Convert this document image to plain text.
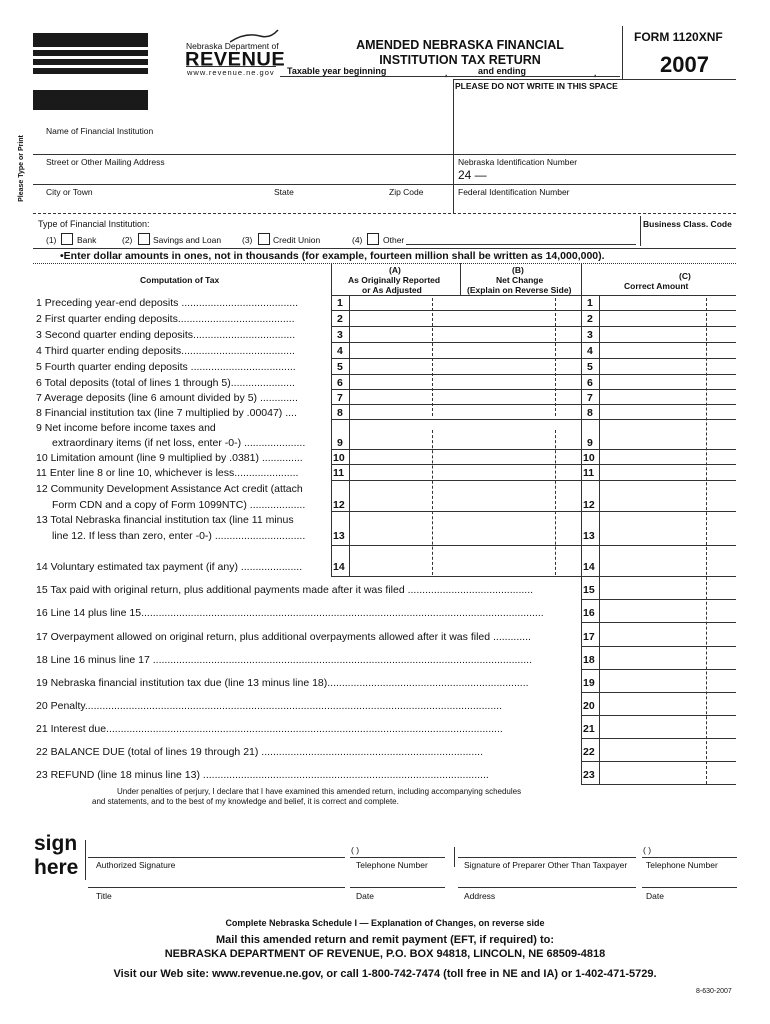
Nebraska Department of
REVENUE
www.revenue.ne.gov
AMENDED NEBRASKA FINANCIAL
INSTITUTION TAX RETURN
Taxable year beginning	,	and ending	,
FORM 1120XNF
2007
PLEASE DO NOT WRITE IN THIS SPACE
Please Type or Print
Name of Financial Institution
Street or Other Mailing Address	Nebraska Identification Number
24 —
City or Town	State	Zip Code	Federal Identification Number
Type of Financial Institution:	Business Class. Code
(1) Bank	(2) Savings and Loan (3) Credit Union	(4) Other
•Enter dollar amounts in ones, not in thousands (for example, fourteen million shall be written as 14,000,000).
Computation of Tax
(A)
As Originally Reported
or As Adjusted
(B)
Net Change
(Explain on Reverse Side)
(C)
Correct Amount
1 Preceding year-end deposits ........................................	1	1
2 First quarter ending deposits........................................	2	2
3 Second quarter ending deposits...................................	3	3
4 Third quarter ending deposits.......................................	4	4
5 Fourth quarter ending deposits ....................................	5	5
6 Total deposits (total of lines 1 through 5)......................	6	6
7 Average deposits (line 6 amount divided by 5) .............	7	7
8 Financial institution tax (line 7 multiplied by .00047) ....	8	8
9 Net income before income taxes and
extraordinary items (if net loss, enter -0-) .....................	9	9
10 Limitation amount (line 9 multiplied by .0381) ..............	10	10
11 Enter line 8 or line 10, whichever is less......................	11	11
12 Community Development Assistance Act credit (attach
Form CDN and a copy of Form 1099NTC) ...................	12	12
13 Total Nebraska financial institution tax (line 11 minus
line 12. If less than zero, enter -0-) ...............................	13	13
14 Voluntary estimated tax payment (if any) .....................	14	14
15 Tax paid with original return, plus additional payments made after it was filed ...........................................	15
16 Line 14 plus line 15..........................................................................................................................................	16
17 Overpayment allowed on original return, plus additional overpayments allowed after it was filed .............	17
18 Line 16 minus line 17 ..................................................................................................................................	18
19 Nebraska financial institution tax due (line 13 minus line 18).....................................................................	19
20 Penalty...............................................................................................................................................	20
21 Interest due........................................................................................................................................	21
22 BALANCE DUE (total of lines 19 through 21) ............................................................................	22
23 REFUND (line 18 minus line 13) ..................................................................................................	23
Under penalties of perjury, I declare that I have examined this amended return, including accompanying schedules
and statements, and to the best of my knowledge and belief, it is correct and complete.
sign
here
( )	( )
Authorized Signature	Telephone Number	Signature of Preparer Other Than Taxpayer Telephone Number
Title	Date	Address	Date
Complete Nebraska Schedule I — Explanation of Changes, on reverse side
Mail this amended return and remit payment (EFT, if required) to:
NEBRASKA DEPARTMENT OF REVENUE, P.O. BOX 94818, LINCOLN, NE 68509-4818
Visit our Web site: www.revenue.ne.gov, or call 1-800-742-7474 (toll free in NE and IA) or 1-402-471-5729.
8-630-2007
